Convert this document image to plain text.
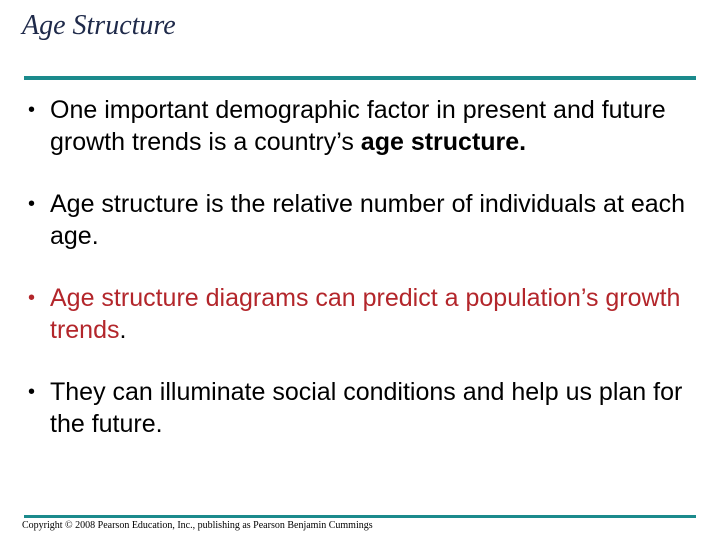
Age Structure
• One important demographic factor in present and future growth trends is a country’s age structure.
• Age structure is the relative number of individuals at each age.
• Age structure diagrams can predict a population’s growth trends.
• They can illuminate social conditions and help us plan for the future.
Copyright © 2008 Pearson Education, Inc., publishing as Pearson Benjamin Cummings
